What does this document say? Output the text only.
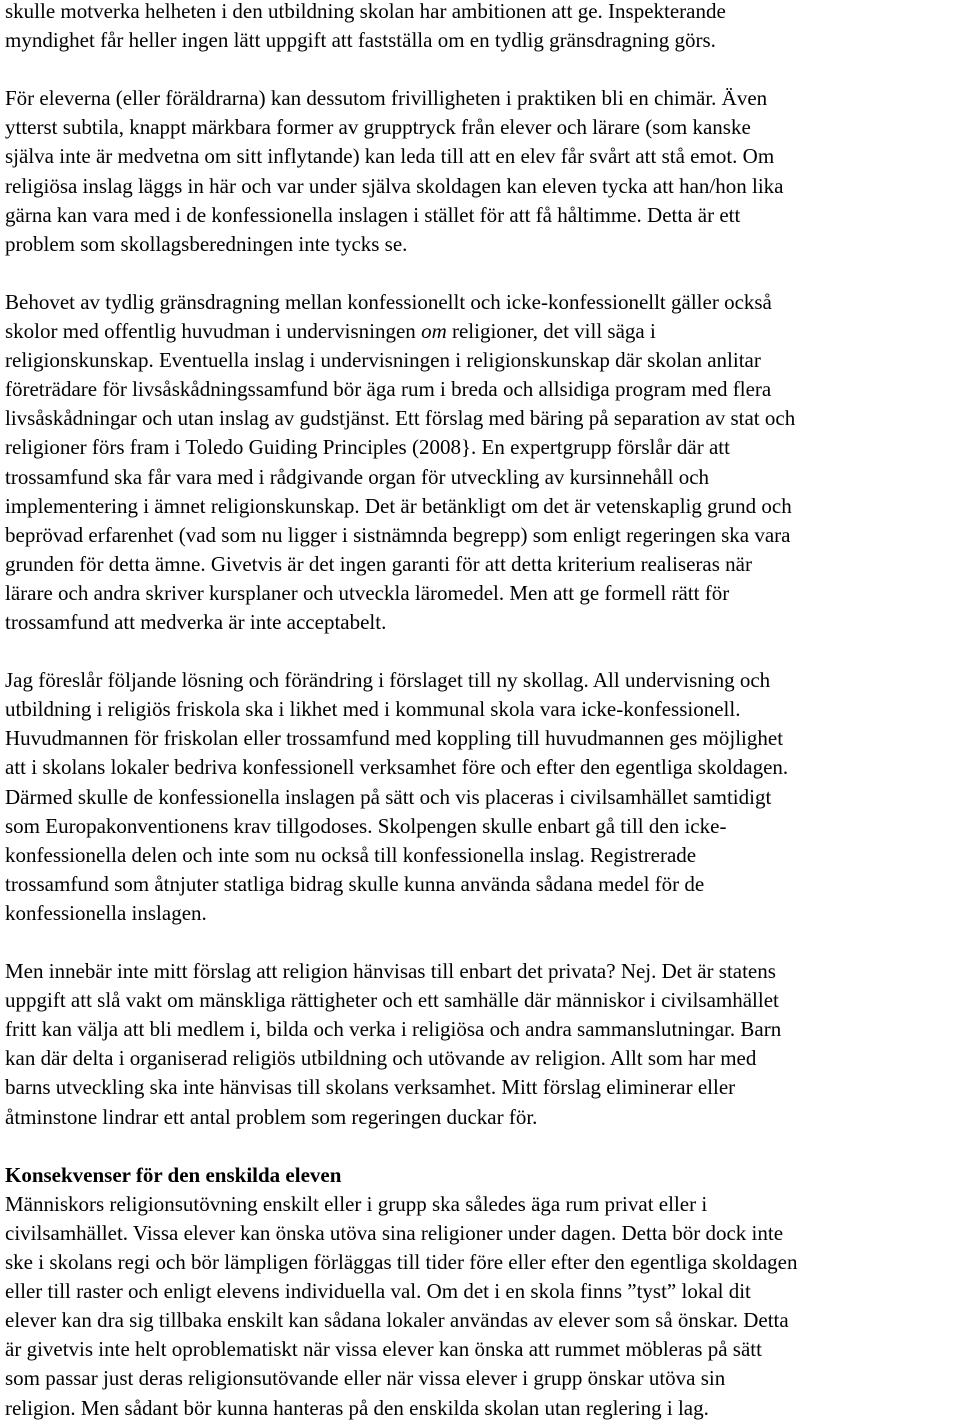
skulle motverka helheten i den utbildning skolan har ambitionen att ge. Inspekterande
myndighet får heller ingen lätt uppgift att fastställa om en tydlig gränsdragning görs.
För eleverna (eller föräldrarna) kan dessutom frivilligheten i praktiken bli en chimär. Även
ytterst subtila, knappt märkbara former av grupptryck från elever och lärare (som kanske
själva inte är medvetna om sitt inflytande) kan leda till att en elev får svårt att stå emot. Om
religiösa inslag läggs in här och var under själva skoldagen kan eleven tycka att han/hon lika
gärna kan vara med i de konfessionella inslagen i stället för att få håltimme. Detta är ett
problem som skollagsberedningen inte tycks se.
Behovet av tydlig gränsdragning mellan konfessionellt och icke-konfessionellt gäller också
skolor med offentlig huvudman i undervisningen om religioner, det vill säga i
religionskunskap. Eventuella inslag i undervisningen i religionskunskap där skolan anlitar
företrädare för livsåskådningssamfund bör äga rum i breda och allsidiga program med flera
livsåskådningar och utan inslag av gudstjänst. Ett förslag med bäring på separation av stat och
religioner förs fram i Toledo Guiding Principles (2008}. En expertgrupp förslår där att
trossamfund ska får vara med i rådgivande organ för utveckling av kursinnehåll och
implementering i ämnet religionskunskap. Det är betänkligt om det är vetenskaplig grund och
beprövad erfarenhet (vad som nu ligger i sistnämnda begrepp) som enligt regeringen ska vara
grunden för detta ämne. Givetvis är det ingen garanti för att detta kriterium realiseras när
lärare och andra skriver kursplaner och utveckla läromedel. Men att ge formell rätt för
trossamfund att medverka är inte acceptabelt.
Jag föreslår följande lösning och förändring i förslaget till ny skollag. All undervisning och
utbildning i religiös friskola ska i likhet med i kommunal skola vara icke-konfessionell.
Huvudmannen för friskolan eller trossamfund med koppling till huvudmannen ges möjlighet
att i skolans lokaler bedriva konfessionell verksamhet före och efter den egentliga skoldagen.
Därmed skulle de konfessionella inslagen på sätt och vis placeras i civilsamhället samtidigt
som Europakonventionens krav tillgodoses. Skolpengen skulle enbart gå till den icke-
konfessionella delen och inte som nu också till konfessionella inslag. Registrerade
trossamfund som åtnjuter statliga bidrag skulle kunna använda sådana medel för de
konfessionella inslagen.
Men innebär inte mitt förslag att religion hänvisas till enbart det privata? Nej. Det är statens
uppgift att slå vakt om mänskliga rättigheter och ett samhälle där människor i civilsamhället
fritt kan välja att bli medlem i, bilda och verka i religiösa och andra sammanslutningar. Barn
kan där delta i organiserad religiös utbildning och utövande av religion. Allt som har med
barns utveckling ska inte hänvisas till skolans verksamhet. Mitt förslag eliminerar eller
åtminstone lindrar ett antal problem som regeringen duckar för.
Konsekvenser för den enskilda eleven
Människors religionsutövning enskilt eller i grupp ska således äga rum privat eller i
civilsamhället. Vissa elever kan önska utöva sina religioner under dagen. Detta bör dock inte
ske i skolans regi och bör lämpligen förläggas till tider före eller efter den egentliga skoldagen
eller till raster och enligt elevens individuella val. Om det i en skola finns ”tyst” lokal dit
elever kan dra sig tillbaka enskilt kan sådana lokaler användas av elever som så önskar. Detta
är givetvis inte helt oproblematiskt när vissa elever kan önska att rummet möbleras på sätt
som passar just deras religionsutövande eller när vissa elever i grupp önskar utöva sin
religion. Men sådant bör kunna hanteras på den enskilda skolan utan reglering i lag.
